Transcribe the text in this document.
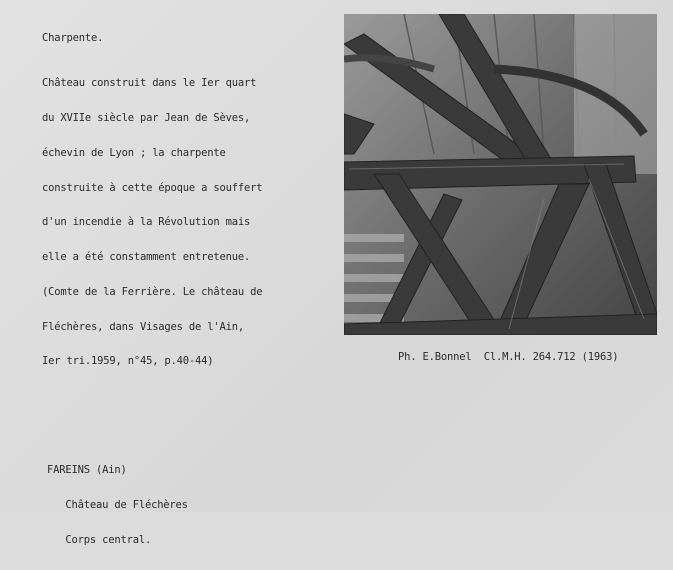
Charpente.

Château construit dans le Ier quart

du XVIIe siècle par Jean de Sèves,

échevin de Lyon ; la charpente

construite à cette époque a souffert

d'un incendie à la Révolution mais

elle a été constamment entretenue.

(Comte de la Ferrière. Le château de

Fléchères, dans Visages de l'Ain,

Ier tri.1959, n°45, p.40-44)

	Ph. E.Bonnel  Cl.M.H. 264.712 (1963)

FAREINS (Ain)

Château de Fléchères

Corps central.
